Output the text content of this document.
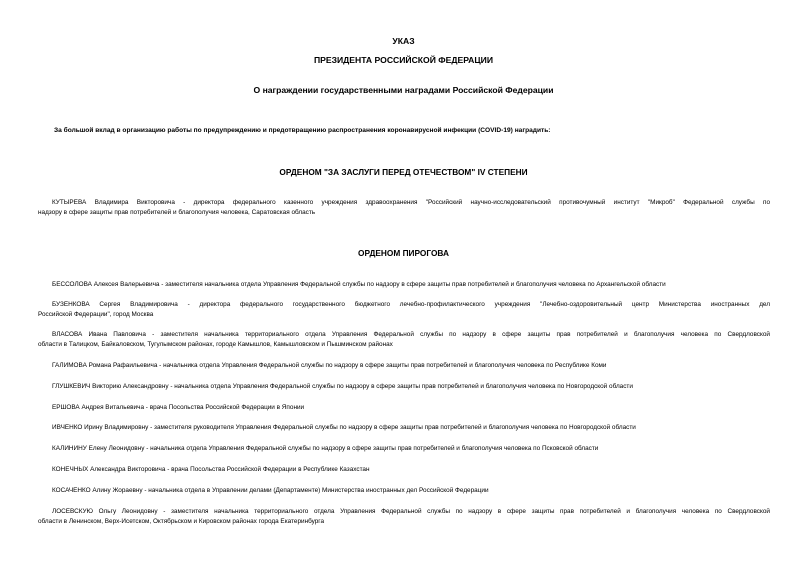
УКАЗ
ПРЕЗИДЕНТА РОССИЙСКОЙ ФЕДЕРАЦИИ
О награждении государственными наградами Российской Федерации
За большой вклад в организацию работы по предупреждению и предотвращению распространения коронавирусной инфекции (COVID-19) наградить:
ОРДЕНОМ "ЗА ЗАСЛУГИ ПЕРЕД ОТЕЧЕСТВОМ" IV СТЕПЕНИ
КУТЫРЕВА Владимира Викторовича - директора федерального казенного учреждения здравоохранения "Российский научно-исследовательский противочумный институт "Микроб" Федеральной службы по
надзору в сфере защиты прав потребителей и благополучия человека, Саратовская область
ОРДЕНОМ ПИРОГОВА
БЕССОЛОВА Алексея Валерьевича - заместителя начальника отдела Управления Федеральной службы по надзору в сфере защиты прав потребителей и благополучия человека по Архангельской области
БУЗЕНКОВА Сергея Владимировича - директора федерального государственного бюджетного лечебно-профилактического учреждения "Лечебно-оздоровительный центр Министерства иностранных дел
Российской Федерации", город Москва
ВЛАСОВА Ивана Павловича - заместителя начальника территориального отдела Управления Федеральной службы по надзору в сфере защиты прав потребителей и благополучия человека по Свердловской
области в Талицком, Байкаловском, Тугулымском районах, городе Камышлов, Камышловском и Пышминском районах
ГАЛИМОВА Романа Рафаильевича - начальника отдела Управления Федеральной службы по надзору в сфере защиты прав потребителей и благополучия человека по Республике Коми
ГЛУШКЕВИЧ Викторию Александровну - начальника отдела Управления Федеральной службы по надзору в сфере защиты прав потребителей и благополучия человека по Новгородской области
ЕРШОВА Андрея Витальевича - врача Посольства Российской Федерации в Японии
ИВЧЕНКО Ирину Владимировну - заместителя руководителя Управления Федеральной службы по надзору в сфере защиты прав потребителей и благополучия человека по Новгородской области
КАЛИНИНУ Елену Леонидовну - начальника отдела Управления Федеральной службы по надзору в сфере защиты прав потребителей и благополучия человека по Псковской области
КОНЕЧНЫХ Александра Викторовича - врача Посольства Российской Федерации в Республике Казахстан
КОСАЧЕНКО Алину Жораевну - начальника отдела в Управлении делами (Департаменте) Министерства иностранных дел Российской Федерации
ЛОСЕВСКУЮ Ольгу Леонидовну - заместителя начальника территориального отдела Управления Федеральной службы по надзору в сфере защиты прав потребителей и благополучия человека по Свердловской
области в Ленинском, Верх-Исетском, Октябрьском и Кировском районах города Екатеринбурга
